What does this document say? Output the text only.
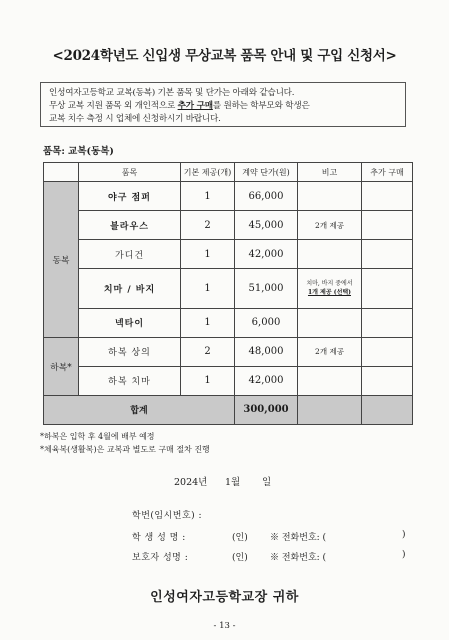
<2024학년도 신입생 무상교복 품목 안내 및 구입 신청서>
인성여자고등학교 교복(동복) 기본 품목 및 단가는 아래와 같습니다.
무상 교복 지원 품목 외 개인적으로 추가 구매를 원하는 학부모와 학생은
교복 치수 측정 시 업체에 신청하시기 바랍니다.
품목: 교복(동복)
	품목	기본 제공(개)	계약 단가(원)	비고	추가 구매
동복	야구 점퍼	1	66,000		
	블라우스	2	45,000	2개 제공	
	가디건	1	42,000		
	치마 / 바지	1	51,000	치마, 바지 중에서
1개 제공 (선택)	

	넥타이	1	6,000		
하복*	하복 상의	2	48,000	2개 제공	
	하복 치마	1	42,000		
합계			300,000		
*하복은 입학 후 4월에 배부 예정
*체육복(생활복)은 교복과 별도로 구매 절차 진행
2024년 1월 일
학번(임시번호) :
학 생 성 명 :	(인) ※ 전화번호: (	)
보호자 성명 :	(인) ※ 전화번호: (	)
인성여자고등학교장 귀하
- 13 -
